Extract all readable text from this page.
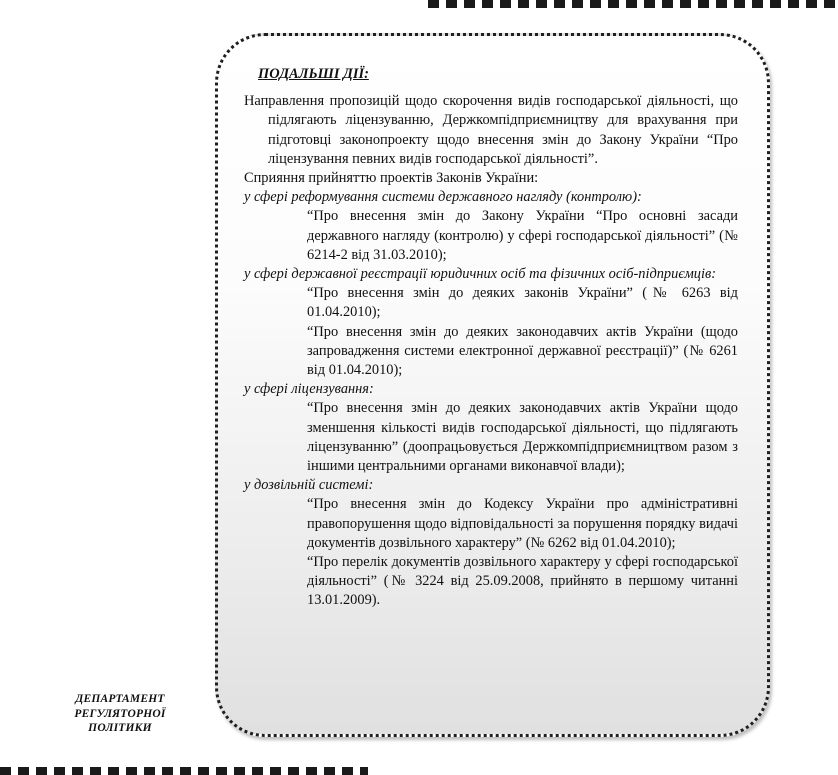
ПОДАЛЬШІ ДІЇ:

Направлення пропозицій щодо скорочення видів господарської діяльності, що підлягають ліцензуванню, Держкомпідприємництву для врахування при підготовці законопроекту щодо внесення змін до Закону України “Про ліцензування певних видів господарської діяльності”.

Сприяння прийняттю проектів Законів України:

у сфері реформування системи державного нагляду (контролю):

“Про внесення змін до Закону України “Про основні засади державного нагляду (контролю) у сфері господарської діяльності” (№ 6214-2 від 31.03.2010);

у сфері державної реєстрації юридичних осіб та фізичних осіб-підприємців:

“Про внесення змін до деяких законів України” (№ 6263 від 01.04.2010);

“Про внесення змін до деяких законодавчих актів України (щодо запровадження системи електронної державної реєстрації)” (№ 6261 від 01.04.2010);

у сфері ліцензування:

“Про внесення змін до деяких законодавчих актів України щодо зменшення кількості видів господарської діяльності, що підлягають ліцензуванню” (доопрацьовується Держкомпідприємництвом разом з іншими центральними органами виконавчої влади);

у дозвільній системі:

“Про внесення змін до Кодексу України про адміністративні правопорушення щодо відповідальності за порушення порядку видачі документів дозвільного характеру” (№ 6262 від 01.04.2010);

“Про перелік документів дозвільного характеру у сфері господарської діяльності” (№ 3224 від 25.09.2008, прийнято в першому читанні 13.01.2009).

ДЕПАРТАМЕНТ
РЕГУЛЯТОРНОЇ
ПОЛІТИКИ
